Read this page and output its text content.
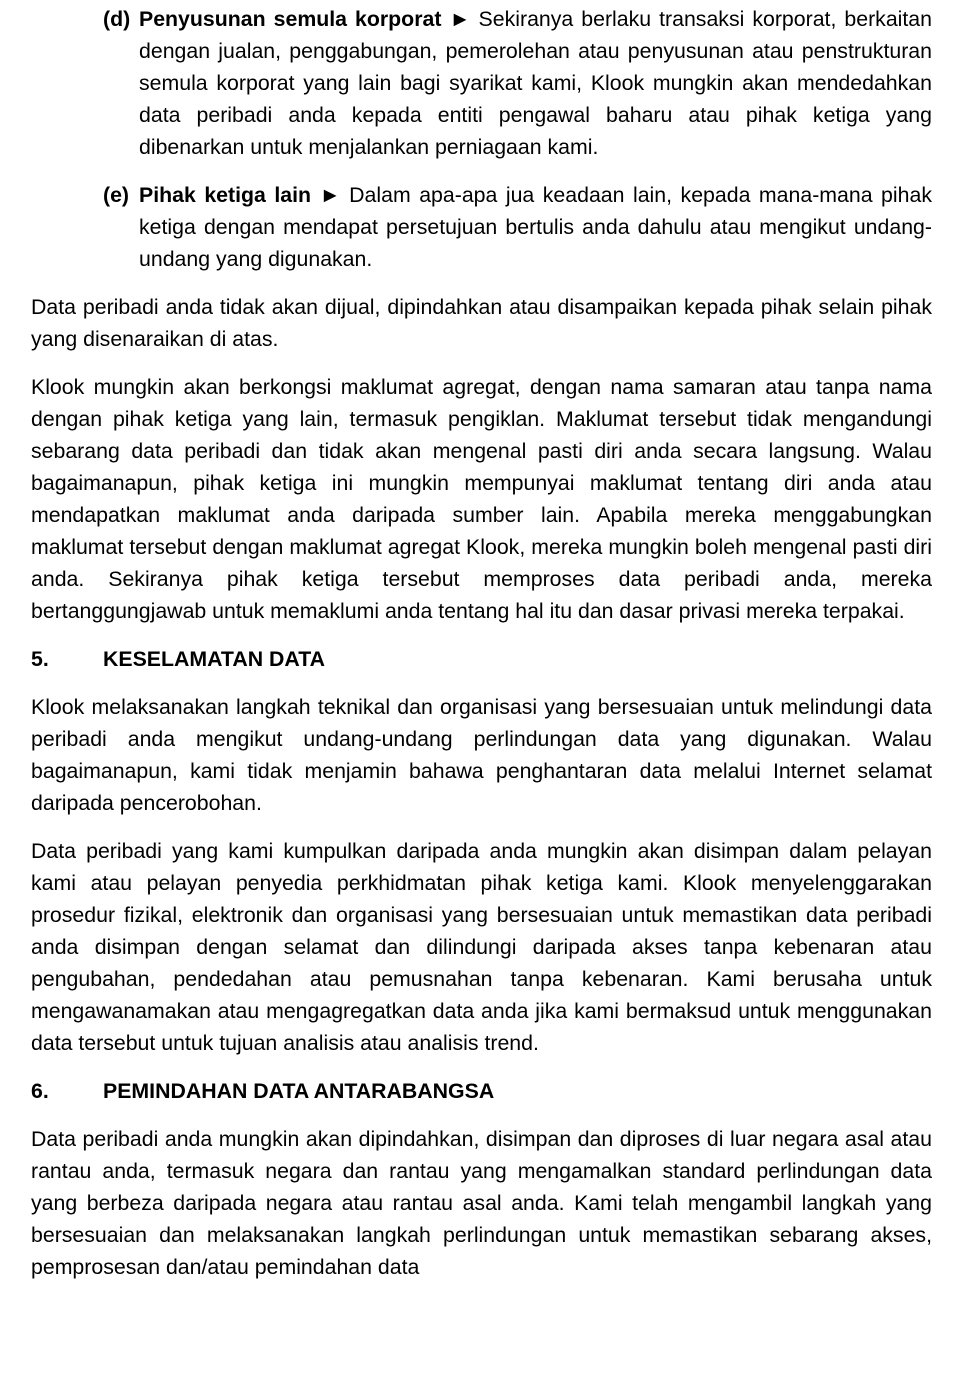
(d) Penyusunan semula korporat ► Sekiranya berlaku transaksi korporat, berkaitan dengan jualan, penggabungan, pemerolehan atau penyusunan atau penstrukturan semula korporat yang lain bagi syarikat kami, Klook mungkin akan mendedahkan data peribadi anda kepada entiti pengawal baharu atau pihak ketiga yang dibenarkan untuk menjalankan perniagaan kami.
(e) Pihak ketiga lain ► Dalam apa-apa jua keadaan lain, kepada mana-mana pihak ketiga dengan mendapat persetujuan bertulis anda dahulu atau mengikut undang-undang yang digunakan.

Data peribadi anda tidak akan dijual, dipindahkan atau disampaikan kepada pihak selain pihak yang disenaraikan di atas.

Klook mungkin akan berkongsi maklumat agregat, dengan nama samaran atau tanpa nama dengan pihak ketiga yang lain, termasuk pengiklan. Maklumat tersebut tidak mengandungi sebarang data peribadi dan tidak akan mengenal pasti diri anda secara langsung. Walau bagaimanapun, pihak ketiga ini mungkin mempunyai maklumat tentang diri anda atau mendapatkan maklumat anda daripada sumber lain. Apabila mereka menggabungkan maklumat tersebut dengan maklumat agregat Klook, mereka mungkin boleh mengenal pasti diri anda. Sekiranya pihak ketiga tersebut memproses data peribadi anda, mereka bertanggungjawab untuk memaklumi anda tentang hal itu dan dasar privasi mereka terpakai.

5.	KESELAMATAN DATA

Klook melaksanakan langkah teknikal dan organisasi yang bersesuaian untuk melindungi data peribadi anda mengikut undang-undang perlindungan data yang digunakan. Walau bagaimanapun, kami tidak menjamin bahawa penghantaran data melalui Internet selamat daripada pencerobohan.

Data peribadi yang kami kumpulkan daripada anda mungkin akan disimpan dalam pelayan kami atau pelayan penyedia perkhidmatan pihak ketiga kami. Klook menyelenggarakan prosedur fizikal, elektronik dan organisasi yang bersesuaian untuk memastikan data peribadi anda disimpan dengan selamat dan dilindungi daripada akses tanpa kebenaran atau pengubahan, pendedahan atau pemusnahan tanpa kebenaran. Kami berusaha untuk mengawanamakan atau mengagregatkan data anda jika kami bermaksud untuk menggunakan data tersebut untuk tujuan analisis atau analisis trend.

6.	PEMINDAHAN DATA ANTARABANGSA

Data peribadi anda mungkin akan dipindahkan, disimpan dan diproses di luar negara asal atau rantau anda, termasuk negara dan rantau yang mengamalkan standard perlindungan data yang berbeza daripada negara atau rantau asal anda. Kami telah mengambil langkah yang bersesuaian dan melaksanakan langkah perlindungan untuk memastikan sebarang akses, pemprosesan dan/atau pemindahan data
